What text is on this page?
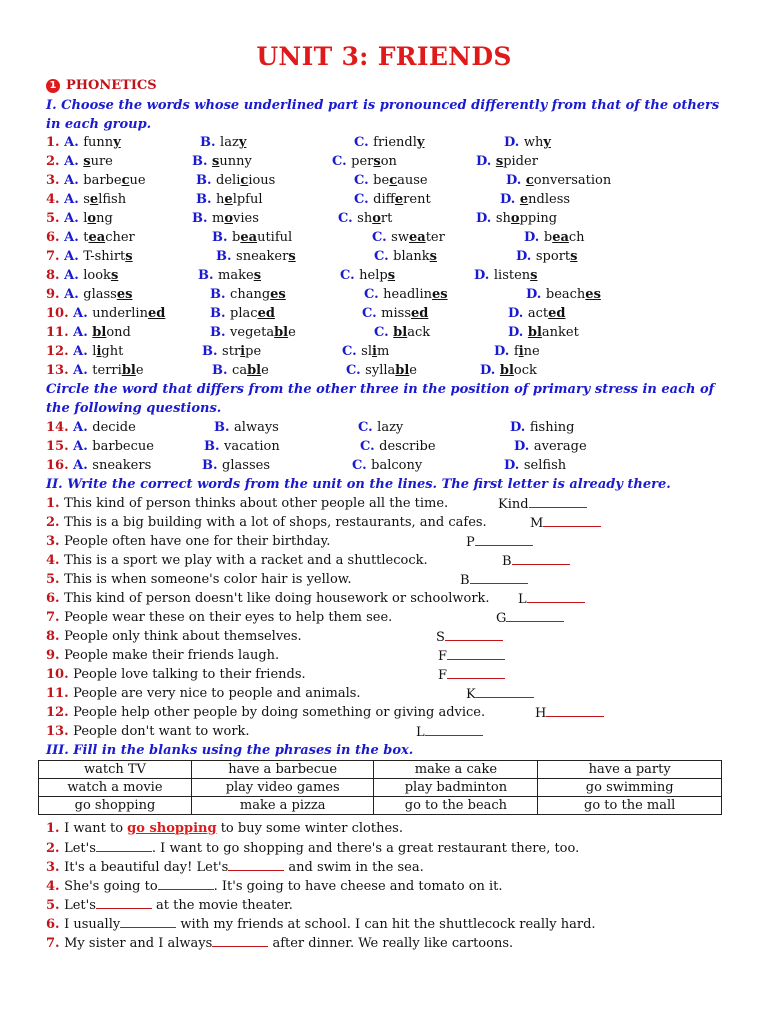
UNIT 3: FRIENDS
1 PHONETICS
I. Choose the words whose underlined part is pronounced differently from that of the others in each group.
1. A. funny	B. lazy	C. friendly	D. why
2. A. sure	B. sunny	C. person	D. spider
3. A. barbecue	B. delicious	C. because	D. conversation
4. A. selfish	B. helpful	C. different	D. endless
5. A. long	B. movies	C. short	D. shopping
6. A. teacher	B. beautiful	C. sweater	D. beach
7. A. T-shirts	B. sneakers	C. blanks	D. sports
8. A. looks	B. makes	C. helps	D. listens
9. A. glasses	B. changes	C. headlines	D. beaches
10. A. underlined	B. placed	C. missed	D. acted
11. A. blond	B. vegetable	C. black	D. blanket
12. A. light	B. stripe	C. slim	D. fine
13. A. terrible	B. cable	C. syllable	D. block
Circle the word that differs from the other three in the position of primary stress in each of the following questions.
14. A. decide	B. always	C. lazy	D. fishing
15. A. barbecue	B. vacation	C. describe	D. average
16. A. sneakers	B. glasses	C. balcony	D. selfish
II. Write the correct words from the unit on the lines. The first letter is already there.
1. This kind of person thinks about other people all the time.	Kind
2. This is a big building with a lot of shops, restaurants, and cafes.	M
3. People often have one for their birthday.	P
4. This is a sport we play with a racket and a shuttlecock.	B
5. This is when someone's color hair is yellow.	B
6. This kind of person doesn't like doing housework or schoolwork. L
7. People wear these on their eyes to help them see.	G
8. People only think about themselves.	S
9. People make their friends laugh.	F
10. People love talking to their friends.	F
11. People are very nice to people and animals.	K
12. People help other people by doing something or giving advice.	H
13. People don't want to work.	L
III. Fill in the blanks using the phrases in the box.
watch TV	have a barbecue	make a cake	have a party
watch a movie	play video games	play badminton	go swimming
go shopping	make a pizza	go to the beach	go to the mall
1. I want to go shopping to buy some winter clothes.
2. Let's	. I want to go shopping and there's a great restaurant there, too.
3. It's a beautiful day! Let's	and swim in the sea.
4. She's going to	. It's going to have cheese and tomato on it.
5. Let's	at the movie theater.
6. I usually	with my friends at school. I can hit the shuttlecock really hard.
7. My sister and I always	after dinner. We really like cartoons.
